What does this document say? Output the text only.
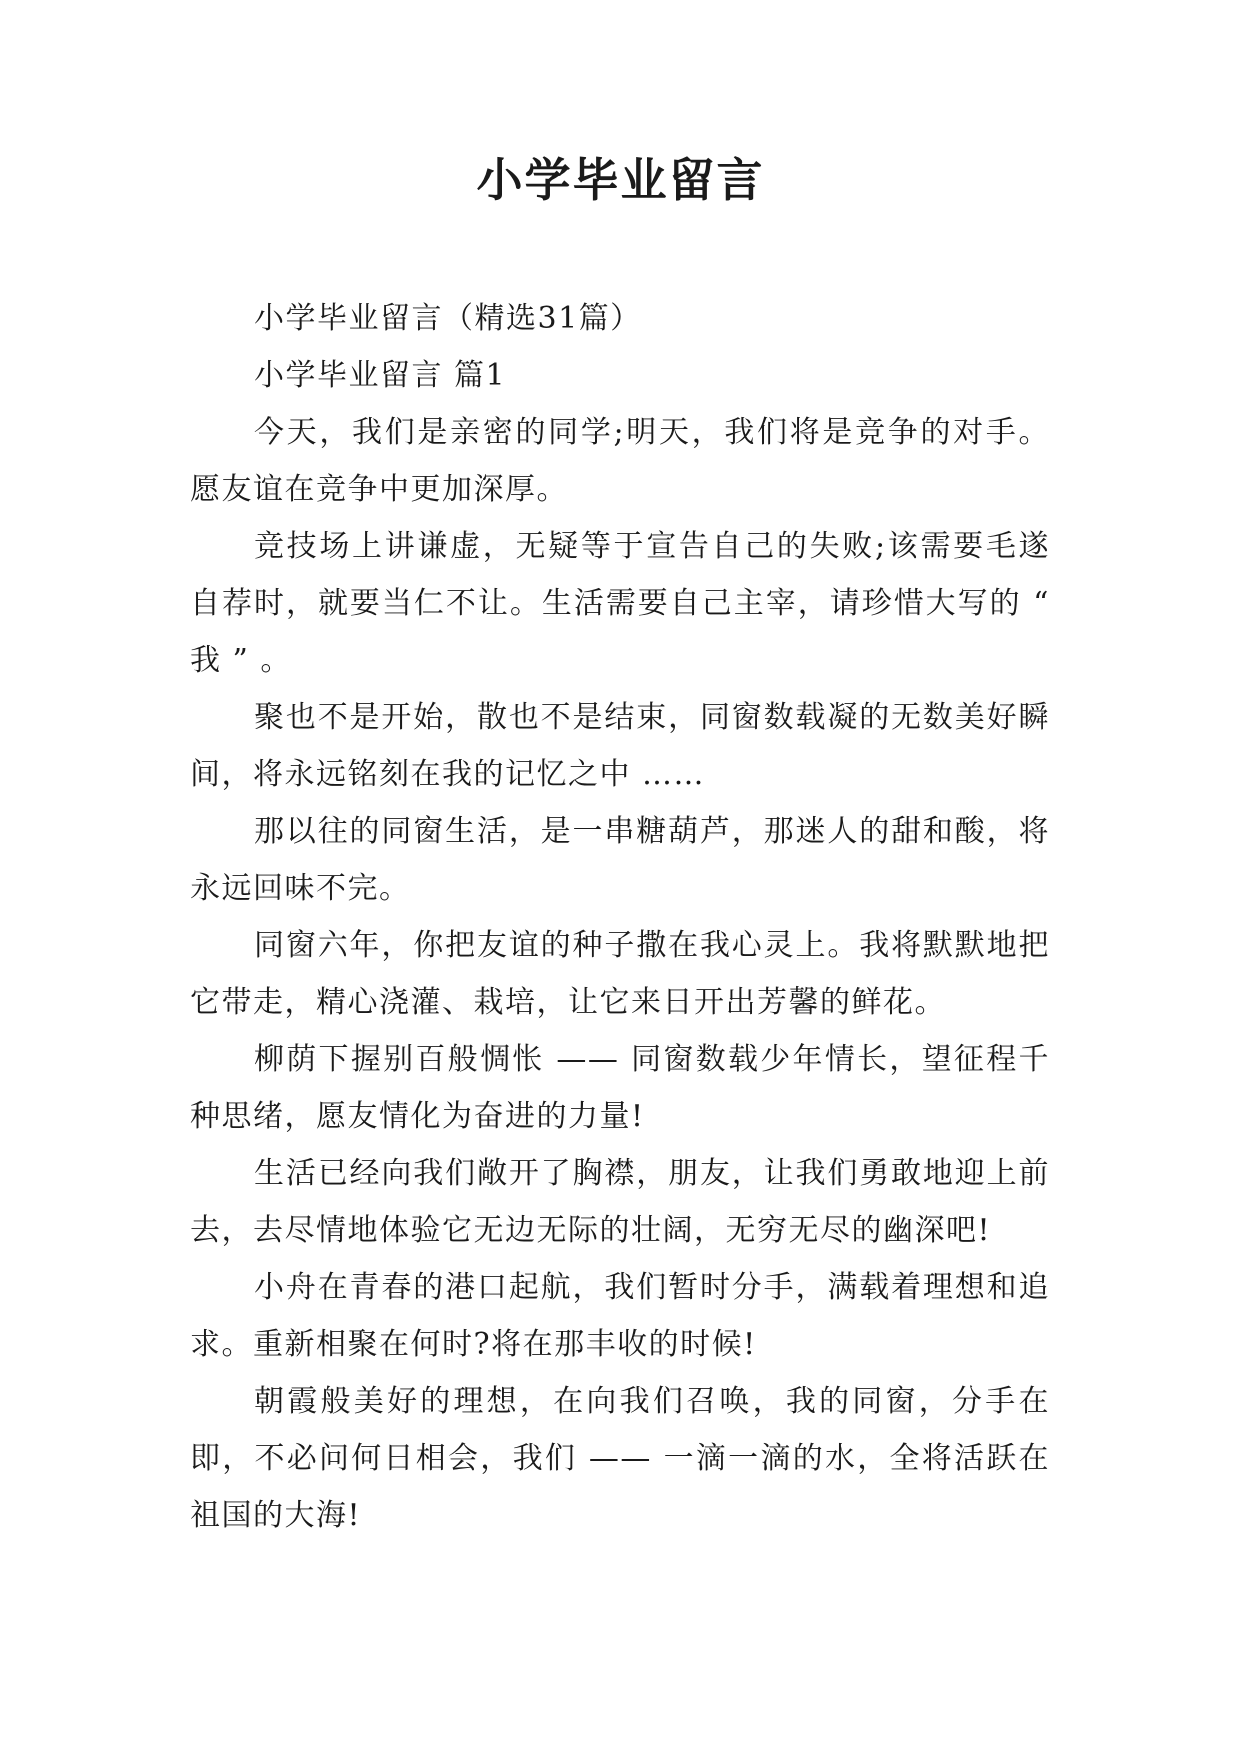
小学毕业留言

小学毕业留言（精选31篇）

小学毕业留言 篇1

今天，我们是亲密的同学;明天，我们将是竞争的对手。愿友谊在竞争中更加深厚。

竞技场上讲谦虚，无疑等于宣告自己的失败;该需要毛遂自荐时，就要当仁不让。生活需要自己主宰，请珍惜大写的 “ 我 ” 。

聚也不是开始，散也不是结束，同窗数载凝的无数美好瞬间，将永远铭刻在我的记忆之中 ……

那以往的同窗生活，是一串糖葫芦，那迷人的甜和酸，将永远回味不完。

同窗六年，你把友谊的种子撒在我心灵上。我将默默地把它带走，精心浇灌、栽培，让它来日开出芳馨的鲜花。

柳荫下握别百般惆怅 —— 同窗数载少年情长，望征程千种思绪，愿友情化为奋进的力量!

生活已经向我们敞开了胸襟，朋友，让我们勇敢地迎上前去，去尽情地体验它无边无际的壮阔，无穷无尽的幽深吧!

小舟在青春的港口起航，我们暂时分手，满载着理想和追求。重新相聚在何时?将在那丰收的时候!

朝霞般美好的理想，在向我们召唤，我的同窗，分手在即，不必问何日相会，我们 —— 一滴一滴的水，全将活跃在祖国的大海!
